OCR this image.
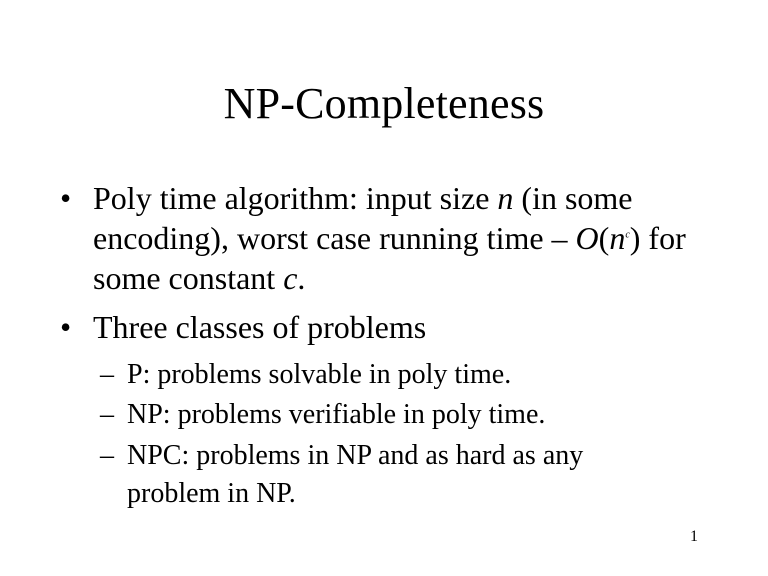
NP-Completeness
• Poly time algorithm: input size n (in some encoding), worst case running time – $O(n^c)$ for some constant c.
• Three classes of problems
– P: problems solvable in poly time.
– NP: problems verifiable in poly time.
– NPC: problems in NP and as hard as any problem in NP.
1
